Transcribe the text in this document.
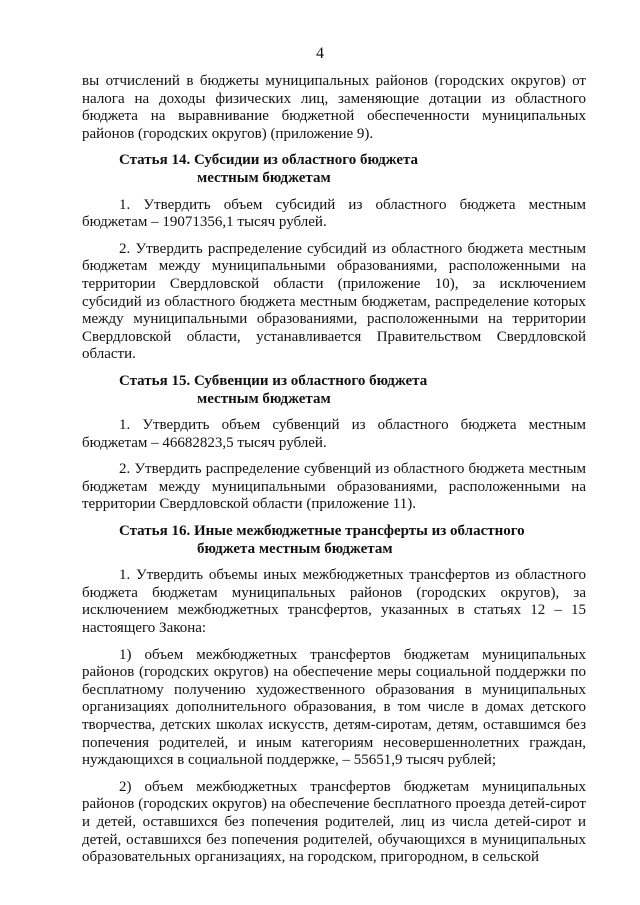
4

вы отчислений в бюджеты муниципальных районов (городских округов) от налога на доходы физических лиц, заменяющие дотации из областного бюджета на выравнивание бюджетной обеспеченности муниципальных районов (городских округов) (приложение 9).

Статья 14. Субсидии из областного бюджета
местным бюджетам

1. Утвердить объем субсидий из областного бюджета местным бюджетам – 19071356,1 тысяч рублей.

2. Утвердить распределение субсидий из областного бюджета местным бюджетам между муниципальными образованиями, расположенными на территории Свердловской области (приложение 10), за исключением субсидий из областного бюджета местным бюджетам, распределение которых между муниципальными образованиями, расположенными на территории Свердловской области, устанавливается Правительством Свердловской области.

Статья 15. Субвенции из областного бюджета
местным бюджетам

1. Утвердить объем субвенций из областного бюджета местным бюджетам – 46682823,5 тысяч рублей.

2. Утвердить распределение субвенций из областного бюджета местным бюджетам между муниципальными образованиями, расположенными на территории Свердловской области (приложение 11).

Статья 16. Иные межбюджетные трансферты из областного
бюджета местным бюджетам

1. Утвердить объемы иных межбюджетных трансфертов из областного бюджета бюджетам муниципальных районов (городских округов), за исключением межбюджетных трансфертов, указанных в статьях 12 – 15 настоящего Закона:

1) объем межбюджетных трансфертов бюджетам муниципальных районов (городских округов) на обеспечение меры социальной поддержки по бесплатному получению художественного образования в муниципальных организациях дополнительного образования, в том числе в домах детского творчества, детских школах искусств, детям-сиротам, детям, оставшимся без попечения родителей, и иным категориям несовершеннолетних граждан, нуждающихся в социальной поддержке, – 55651,9 тысяч рублей;

2) объем межбюджетных трансфертов бюджетам муниципальных районов (городских округов) на обеспечение бесплатного проезда детей-сирот и детей, оставшихся без попечения родителей, лиц из числа детей-сирот и детей, оставшихся без попечения родителей, обучающихся в муниципальных образовательных организациях, на городском, пригородном, в сельской
